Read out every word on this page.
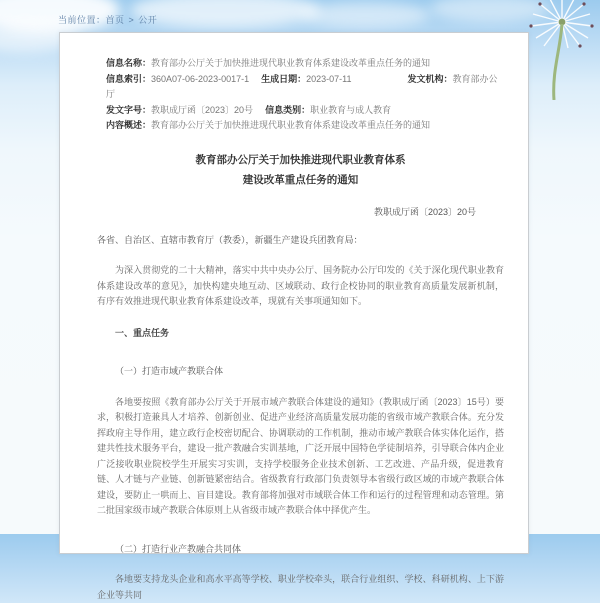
当前位置：首页 > 公开
信息名称：教育部办公厅关于加快推进现代职业教育体系建设改革重点任务的通知
信息索引：360A07-06-2023-0017-1 生成日期：2023-07-11	发文机构：教育部办公厅
发文字号：教职成厅函〔2023〕20号 信息类别：职业教育与成人教育
内容概述：教育部办公厅关于加快推进现代职业教育体系建设改革重点任务的通知
教育部办公厅关于加快推进现代职业教育体系
建设改革重点任务的通知
教职成厅函〔2023〕20号
各省、自治区、直辖市教育厅（教委），新疆生产建设兵团教育局：
为深入贯彻党的二十大精神，落实中共中央办公厅、国务院办公厅印发的《关于深化现代职业教育体系建设改革的意见》，加快构建央地互动、区域联动、政行企校协同的职业教育高质量发展新机制，有序有效推进现代职业教育体系建设改革，现就有关事项通知如下。
一、重点任务
（一）打造市域产教联合体
各地要按照《教育部办公厅关于开展市域产教联合体建设的通知》（教职成厅函〔2023〕15号）要求，积极打造兼具人才培养、创新创业、促进产业经济高质量发展功能的省级市域产教联合体。充分发挥政府主导作用，建立政行企校密切配合、协调联动的工作机制，推动市域产教联合体实体化运作，搭建共性技术服务平台，建设一批产教融合实训基地，广泛开展中国特色学徒制培养，引导联合体内企业广泛接收职业院校学生开展实习实训，支持学校服务企业技术创新、工艺改进、产品升级，促进教育链、人才链与产业链、创新链紧密结合。省级教育行政部门负责领导本省级行政区域的市域产教联合体建设，要防止一哄而上、盲目建设。教育部将加强对市域联合体工作和运行的过程管理和动态管理。第二批国家级市域产教联合体原则上从省级市域产教联合体中择优产生。
（二）打造行业产教融合共同体
各地要支持龙头企业和高水平高等学校、职业学校牵头，联合行业组织、学校、科研机构、上下游企业等共同
